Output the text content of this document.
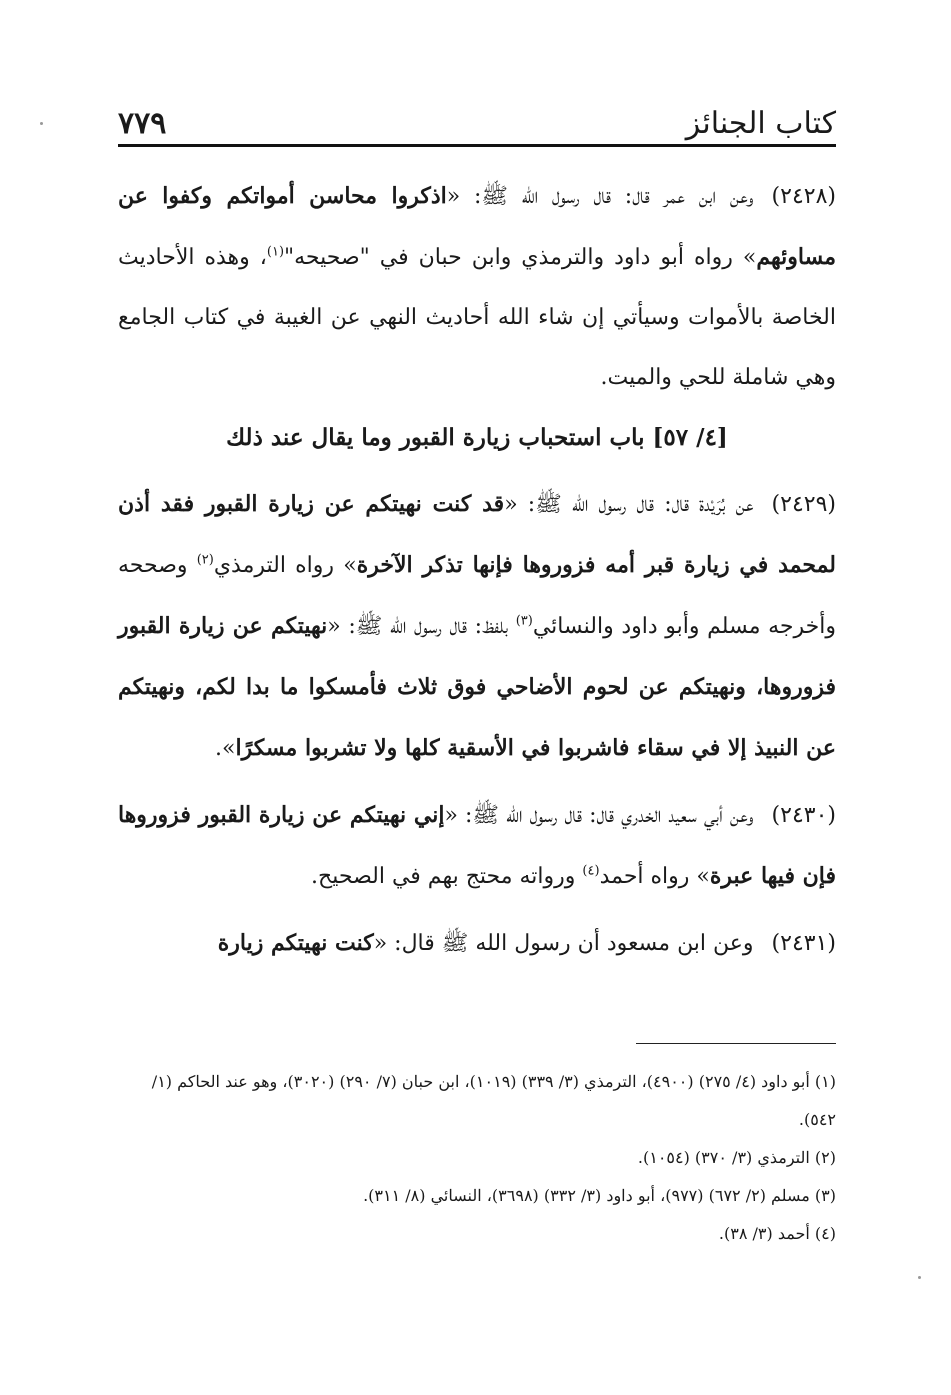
٧٧٩	كتاب الجنائز

(٢٤٢٨)وعن ابن عمر قال: قال رسول الله ﷺ: «اذكروا محاسن أمواتكم وكفوا عن مساوئهم» رواه أبو داود والترمذي وابن حبان في "صحيحه"$^{(١)}$، وهذه الأحاديث الخاصة بالأموات وسيأتي إن شاء الله أحاديث النهي عن الغيبة في كتاب الجامع وهي شاملة للحي والميت.

[٤/ ٥٧] باب استحباب زيارة القبور وما يقال عند ذلك

(٢٤٢٩)عن بُرَيْدة قال: قال رسول الله ﷺ: «قد كنت نهيتكم عن زيارة القبور فقد أذن لمحمد في زيارة قبر أمه فزوروها فإنها تذكر الآخرة» رواه الترمذي$^{(٢)}$ وصححه وأخرجه مسلم وأبو داود والنسائي$^{(٣)}$ بلفظ: قال رسول الله ﷺ: «نهيتكم عن زيارة القبور فزوروها، ونهيتكم عن لحوم الأضاحي فوق ثلاث فأمسكوا ما بدا لكم، ونهيتكم عن النبيذ إلا في سقاء فاشربوا في الأسقية كلها ولا تشربوا مسكرًا».

(٢٤٣٠)وعن أبي سعيد الخدري قال: قال رسول الله ﷺ: «إني نهيتكم عن زيارة القبور فزوروها فإن فيها عبرة» رواه أحمد$^{(٤)}$ ورواته محتج بهم في الصحيح.

(٢٤٣١)وعن ابن مسعود أن رسول الله ﷺ قال: «كنت نهيتكم زيارة

(١) أبو داود (٤/ ٢٧٥) (٤٩٠٠)، الترمذي (٣/ ٣٣٩) (١٠١٩)، ابن حبان (٧/ ٢٩٠) (٣٠٢٠)، وهو عند الحاكم (١/ ٥٤٢).

(٢) الترمذي (٣/ ٣٧٠) (١٠٥٤).

(٣) مسلم (٢/ ٦٧٢) (٩٧٧)، أبو داود (٣/ ٣٣٢) (٣٦٩٨)، النسائي (٨/ ٣١١).

(٤) أحمد (٣/ ٣٨).
